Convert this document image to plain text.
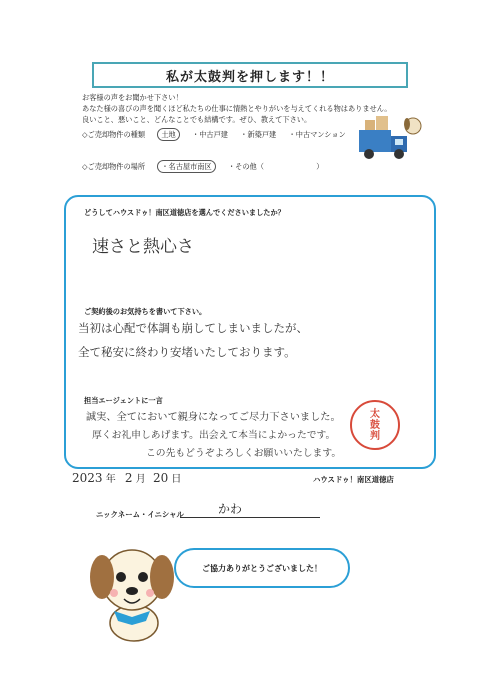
私が太鼓判を押します！！
お客様の声をお聞かせ下さい！
あなた様の喜びの声を聞くほど私たちの仕事に情熱とやりがいを与えてくれる物はありません。
良いこと、悪いこと、どんなことでも結構です。ぜひ、教えて下さい。
◇ご売却物件の種類 土地 ・中古戸建 ・新築戸建 ・中古マンション
◇ご売却物件の場所 ・名古屋市南区 ・その他（	）
どうしてハウスドゥ！南区道徳店を選んでくださいましたか？
速さと熱心さ
ご契約後のお気持ちを書いて下さい。
当初は心配で体調も崩してしまいましたが、
全て秘安に終わり安堵いたしております。
担当エージェントに一言
誠実、全てにおいて親身になってご尽力下さいました。
厚くお礼申しあげます。出会えて本当によかったです。
この先もどうぞよろしくお願いいたします。
太
鼓
判
2023 年 2 月 20 日	ハウスドゥ！南区道徳店
ニックネーム・イニシャル	かわ
ご協力ありがとうございました！
